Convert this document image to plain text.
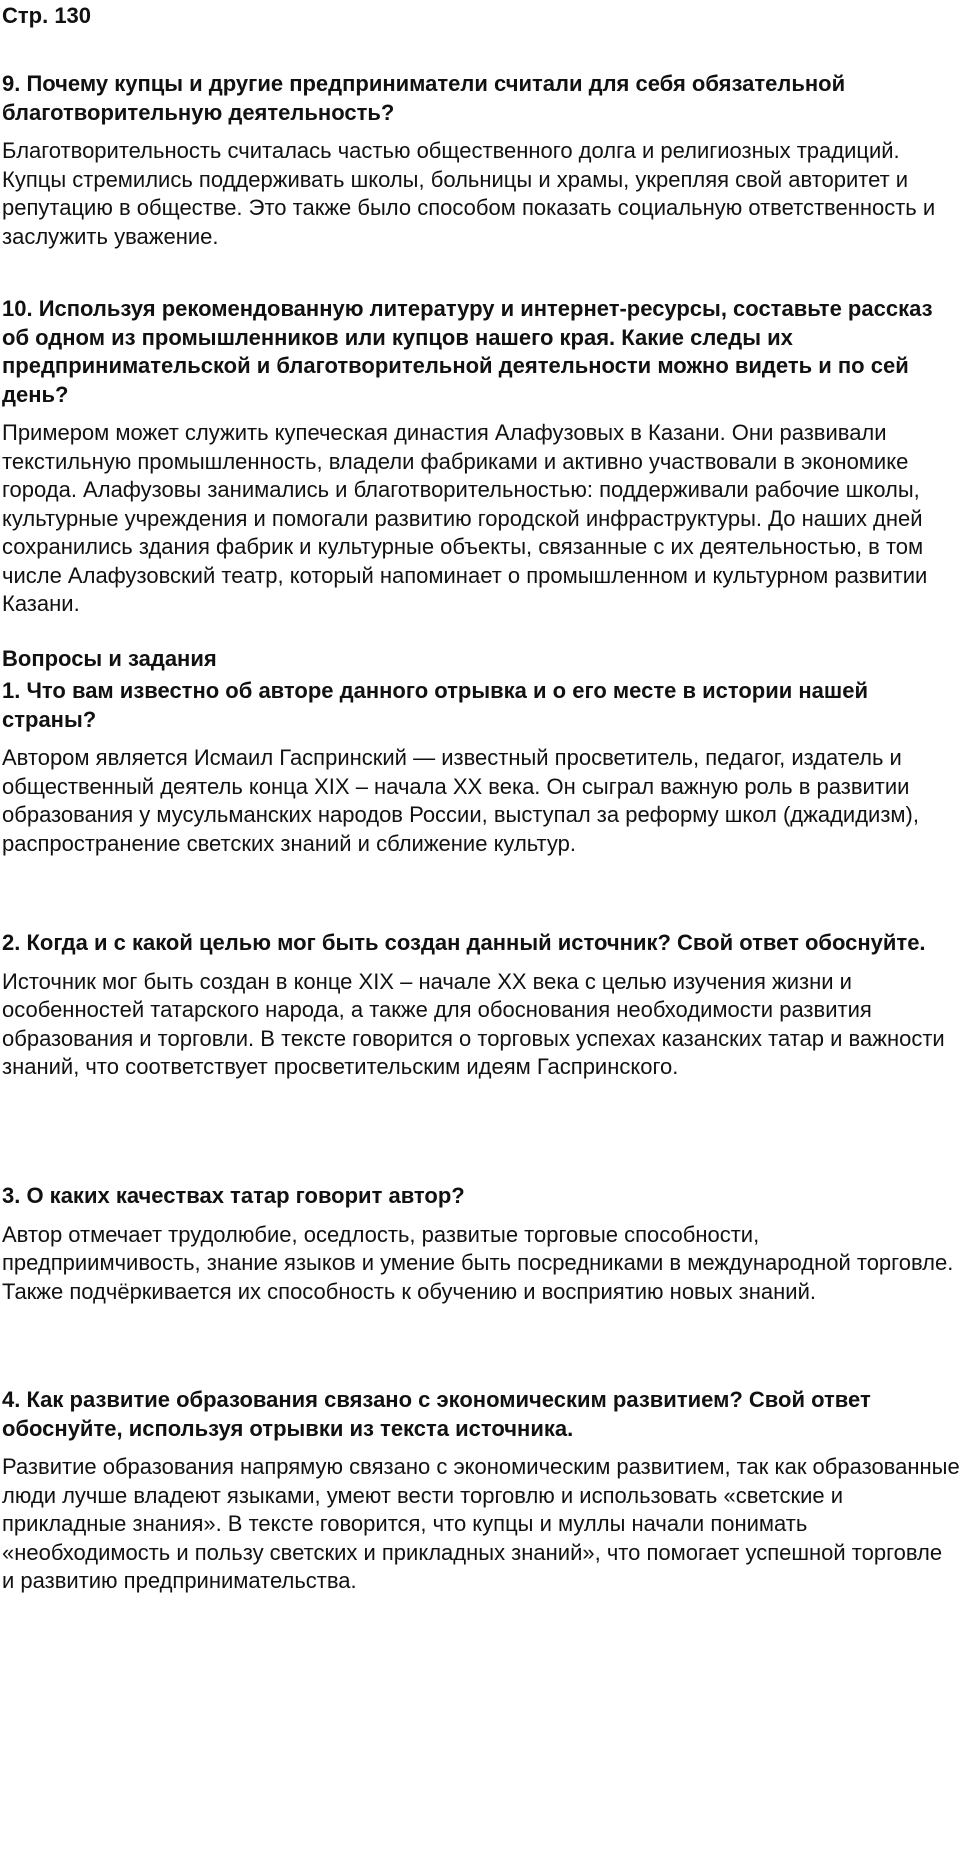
Стр. 130

9. Почему купцы и другие предприниматели считали для себя обязательной благотворительную деятельность?

Благотворительность считалась частью общественного долга и религиозных традиций. Купцы стремились поддерживать школы, больницы и храмы, укрепляя свой авторитет и репутацию в обществе. Это также было способом показать социальную ответственность и заслужить уважение.

10. Используя рекомендованную литературу и интернет-ресурсы, составьте рассказ об одном из промышленников или купцов нашего края. Какие следы их предпринимательской и благотворительной деятельности можно видеть и по сей день?

Примером может служить купеческая династия Алафузовых в Казани. Они развивали текстильную промышленность, владели фабриками и активно участвовали в экономике города. Алафузовы занимались и благотворительностью: поддерживали рабочие школы, культурные учреждения и помогали развитию городской инфраструктуры. До наших дней сохранились здания фабрик и культурные объекты, связанные с их деятельностью, в том числе Алафузовский театр, который напоминает о промышленном и культурном развитии Казани.

Вопросы и задания

1. Что вам известно об авторе данного отрывка и о его месте в истории нашей страны?

Автором является Исмаил Гаспринский — известный просветитель, педагог, издатель и общественный деятель конца XIX – начала XX века. Он сыграл важную роль в развитии образования у мусульманских народов России, выступал за реформу школ (джадидизм), распространение светских знаний и сближение культур.

2. Когда и с какой целью мог быть создан данный источник? Свой ответ обоснуйте.

Источник мог быть создан в конце XIX – начале XX века с целью изучения жизни и особенностей татарского народа, а также для обоснования необходимости развития образования и торговли. В тексте говорится о торговых успехах казанских татар и важности знаний, что соответствует просветительским идеям Гаспринского.

3. О каких качествах татар говорит автор?

Автор отмечает трудолюбие, оседлость, развитые торговые способности, предприимчивость, знание языков и умение быть посредниками в международной торговле. Также подчёркивается их способность к обучению и восприятию новых знаний.

4. Как развитие образования связано с экономическим развитием? Свой ответ обоснуйте, используя отрывки из текста источника.

Развитие образования напрямую связано с экономическим развитием, так как образованные люди лучше владеют языками, умеют вести торговлю и использовать «светские и прикладные знания». В тексте говорится, что купцы и муллы начали понимать «необходимость и пользу светских и прикладных знаний», что помогает успешной торговле и развитию предпринимательства.
